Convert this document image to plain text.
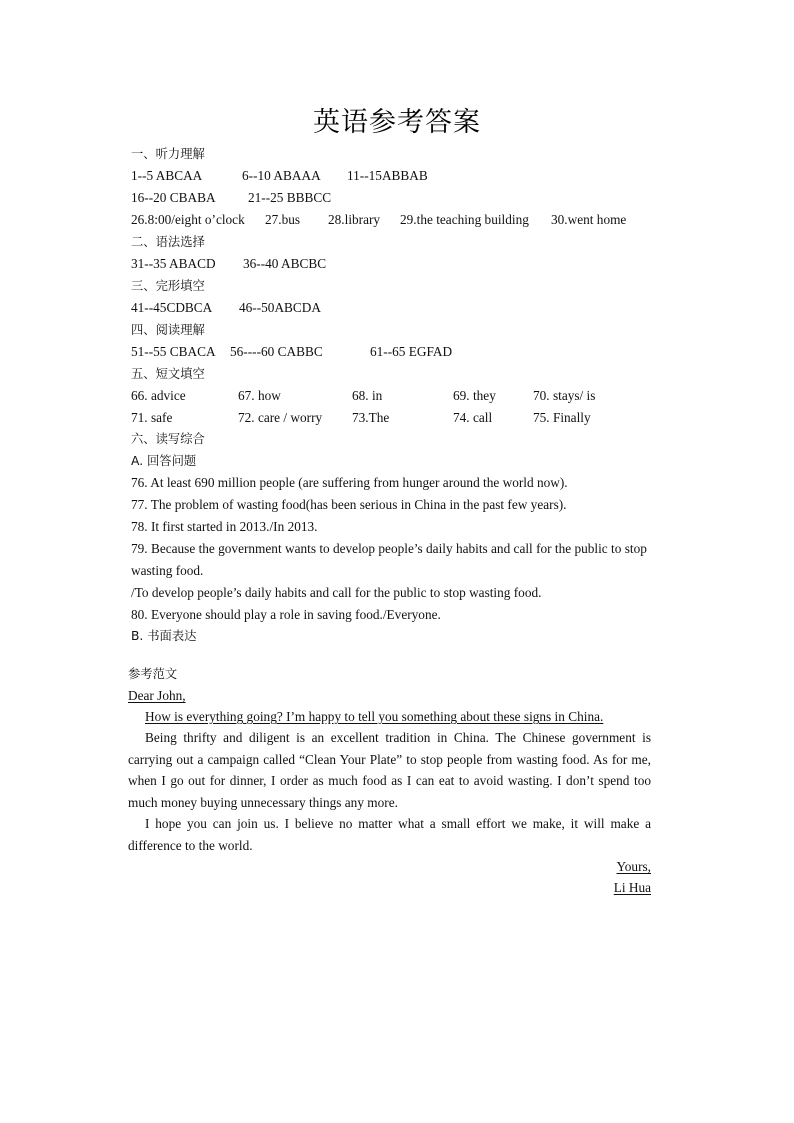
英语参考答案
一、听力理解
1--5 ABCAA	6--10 ABAAA 11--15ABBAB
16--20 CBABA 21--25 BBBCC
26.8:00/eight o’clock 27.bus 28.library 29.the teaching building 30.went home
二、语法选择
31--35 ABACD 36--40 ABCBC
三、完形填空
41--45CDBCA 46--50ABCDA
四、阅读理解
51--55 CBACA 56----60 CABBC	61--65 EGFAD
五、短文填空
66. advice	67. how	68. in	69. they	70. stays/ is
71. safe	72. care / worry 73.The	74. call	75. Finally
六、读写综合
A. 回答问题
76. At least 690 million people (are suffering from hunger around the world now).
77. The problem of wasting food(has been serious in China in the past few years).
78. It first started in 2013./In 2013.
79. Because the government wants to develop people’s daily habits and call for the public to stop
wasting food.
/To develop people’s daily habits and call for the public to stop wasting food.
80. Everyone should play a role in saving food./Everyone.
B. 书面表达
参考范文
Dear John,
How is everything going? I’m happy to tell you something about these signs in China.

Being thrifty and diligent is an excellent tradition in China. The Chinese government is carrying out a campaign called “Clean Your Plate” to stop people from wasting food. As for me, when I go out for dinner, I order as much food as I can eat to avoid wasting. I don’t spend too much money buying unnecessary things any more.

I hope you can join us. I believe no matter what a small effort we make, it will make a difference to the world.

Yours,
Li Hua
